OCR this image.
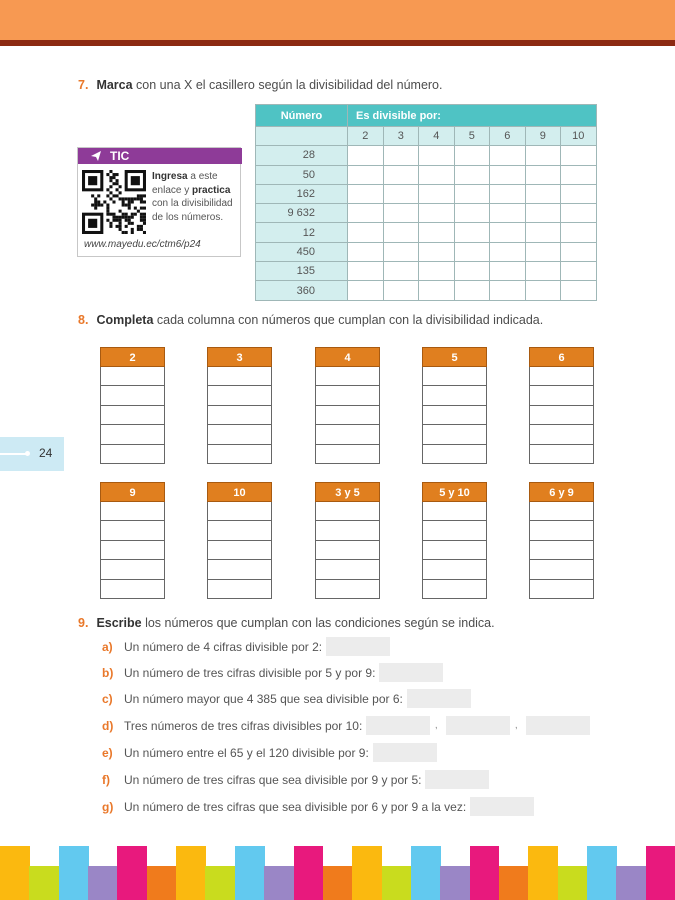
7. Marca con una X el casillero según la divisibilidad del número.
Número	Es divisible por:						
	2	3	4	5	6	9	10
28							
50							
162							
9 632							
12							
450							
135							
360							
TIC
Ingresa a este enlace y practica con la divisibilidad de los números.
www.mayedu.ec/ctm6/p24
8. Completa cada columna con números que cumplan con la divisibilidad indicada.
2	3	4	5	6
9	10	3 y 5	5 y 10	6 y 9
24
9. Escribe los números que cumplan con las condiciones según se indica.
a) Un número de 4 cifras divisible por 2:
b) Un número de tres cifras divisible por 5 y por 9:
c) Un número mayor que 4 385 que sea divisible por 6:
d) Tres números de tres cifras divisibles por 10:	,	,
e) Un número entre el 65 y el 120 divisible por 9:
f)	Un número de tres cifras que sea divisible por 9 y por 5:
g) Un número de tres cifras que sea divisible por 6 y por 9 a la vez:
